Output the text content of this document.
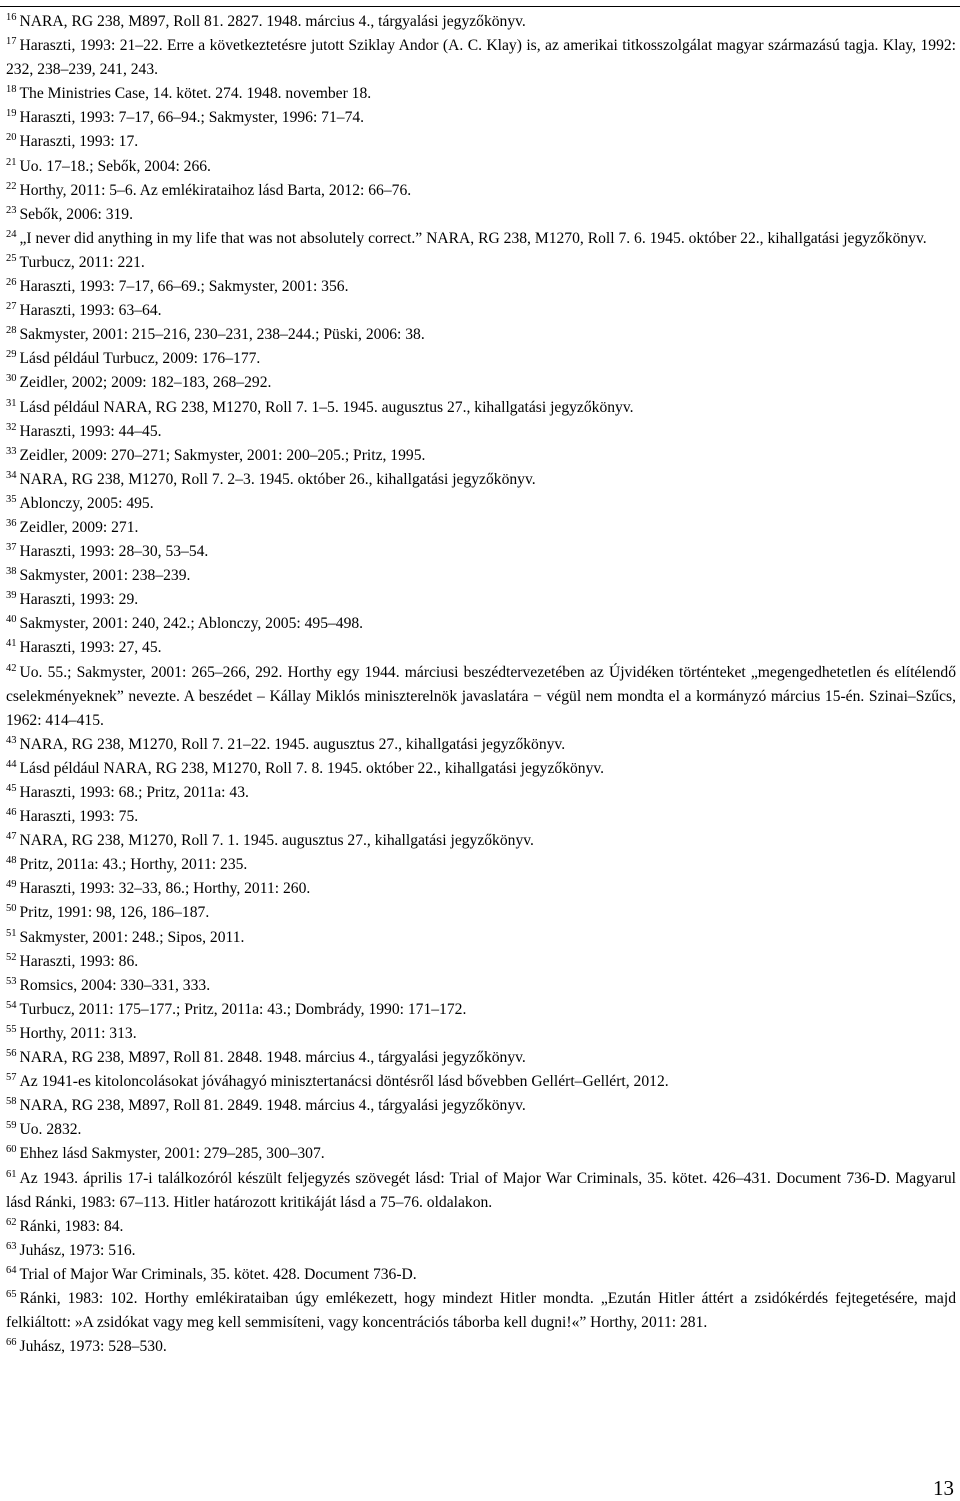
$^{16}$ NARA, RG 238, M897, Roll 81. 2827. 1948. március 4., tárgyalási jegyzőkönyv.

$^{17}$ Haraszti, 1993: 21–22. Erre a következtetésre jutott Sziklay Andor (A. C. Klay) is, az amerikai titkosszolgálat magyar származású tagja. Klay, 1992: 232, 238–239, 241, 243.

$^{18}$ The Ministries Case, 14. kötet. 274. 1948. november 18.

$^{19}$ Haraszti, 1993: 7–17, 66–94.; Sakmyster, 1996: 71–74.

$^{20}$ Haraszti, 1993: 17.

$^{21}$ Uo. 17–18.; Sebők, 2004: 266.

$^{22}$ Horthy, 2011: 5–6. Az emlékirataihoz lásd Barta, 2012: 66–76.

$^{23}$ Sebők, 2006: 319.

$^{24}$ „I never did anything in my life that was not absolutely correct.” NARA, RG 238, M1270, Roll 7. 6. 1945. október 22., kihallgatási jegyzőkönyv.

$^{25}$ Turbucz, 2011: 221.

$^{26}$ Haraszti, 1993: 7–17, 66–69.; Sakmyster, 2001: 356.

$^{27}$ Haraszti, 1993: 63–64.

$^{28}$ Sakmyster, 2001: 215–216, 230–231, 238–244.; Püski, 2006: 38.

$^{29}$ Lásd például Turbucz, 2009: 176–177.

$^{30}$ Zeidler, 2002; 2009: 182–183, 268–292.

$^{31}$ Lásd például NARA, RG 238, M1270, Roll 7. 1–5. 1945. augusztus 27., kihallgatási jegyzőkönyv.

$^{32}$ Haraszti, 1993: 44–45.

$^{33}$ Zeidler, 2009: 270–271; Sakmyster, 2001: 200–205.; Pritz, 1995.

$^{34}$ NARA, RG 238, M1270, Roll 7. 2–3. 1945. október 26., kihallgatási jegyzőkönyv.

$^{35}$ Ablonczy, 2005: 495.

$^{36}$ Zeidler, 2009: 271.

$^{37}$ Haraszti, 1993: 28–30, 53–54.

$^{38}$ Sakmyster, 2001: 238–239.

$^{39}$ Haraszti, 1993: 29.

$^{40}$ Sakmyster, 2001: 240, 242.; Ablonczy, 2005: 495–498.

$^{41}$ Haraszti, 1993: 27, 45.

$^{42}$ Uo. 55.; Sakmyster, 2001: 265–266, 292. Horthy egy 1944. márciusi beszédtervezetében az Újvidéken történteket „megengedhetetlen és elítélendő cselekményeknek” nevezte. A beszédet – Kállay Miklós miniszterelnök javaslatára − végül nem mondta el a kormányzó március 15-én. Szinai–Szűcs, 1962: 414–415.

$^{43}$ NARA, RG 238, M1270, Roll 7. 21–22. 1945. augusztus 27., kihallgatási jegyzőkönyv.

$^{44}$ Lásd például NARA, RG 238, M1270, Roll 7. 8. 1945. október 22., kihallgatási jegyzőkönyv.

$^{45}$ Haraszti, 1993: 68.; Pritz, 2011a: 43.

$^{46}$ Haraszti, 1993: 75.

$^{47}$ NARA, RG 238, M1270, Roll 7. 1. 1945. augusztus 27., kihallgatási jegyzőkönyv.

$^{48}$ Pritz, 2011a: 43.; Horthy, 2011: 235.

$^{49}$ Haraszti, 1993: 32–33, 86.; Horthy, 2011: 260.

$^{50}$ Pritz, 1991: 98, 126, 186–187.

$^{51}$ Sakmyster, 2001: 248.; Sipos, 2011.

$^{52}$ Haraszti, 1993: 86.

$^{53}$ Romsics, 2004: 330–331, 333.

$^{54}$ Turbucz, 2011: 175–177.; Pritz, 2011a: 43.; Dombrády, 1990: 171–172.

$^{55}$ Horthy, 2011: 313.

$^{56}$ NARA, RG 238, M897, Roll 81. 2848. 1948. március 4., tárgyalási jegyzőkönyv.

$^{57}$ Az 1941-es kitoloncolásokat jóváhagyó minisztertanácsi döntésről lásd bővebben Gellért–Gellért, 2012.

$^{58}$ NARA, RG 238, M897, Roll 81. 2849. 1948. március 4., tárgyalási jegyzőkönyv.

$^{59}$ Uo. 2832.

$^{60}$ Ehhez lásd Sakmyster, 2001: 279–285, 300–307.

$^{61}$ Az 1943. április 17-i találkozóról készült feljegyzés szövegét lásd: Trial of Major War Criminals, 35. kötet. 426–431. Document 736-D. Magyarul lásd Ránki, 1983: 67–113. Hitler határozott kritikáját lásd a 75–76. oldalakon.

$^{62}$ Ránki, 1983: 84.

$^{63}$ Juhász, 1973: 516.

$^{64}$ Trial of Major War Criminals, 35. kötet. 428. Document 736-D.

$^{65}$ Ránki, 1983: 102. Horthy emlékirataiban úgy emlékezett, hogy mindezt Hitler mondta. „Ezután Hitler áttért a zsidókérdés fejtegetésére, majd felkiáltott: »A zsidókat vagy meg kell semmisíteni, vagy koncentrációs táborba kell dugni!«” Horthy, 2011: 281.

$^{66}$ Juhász, 1973: 528–530.

13
